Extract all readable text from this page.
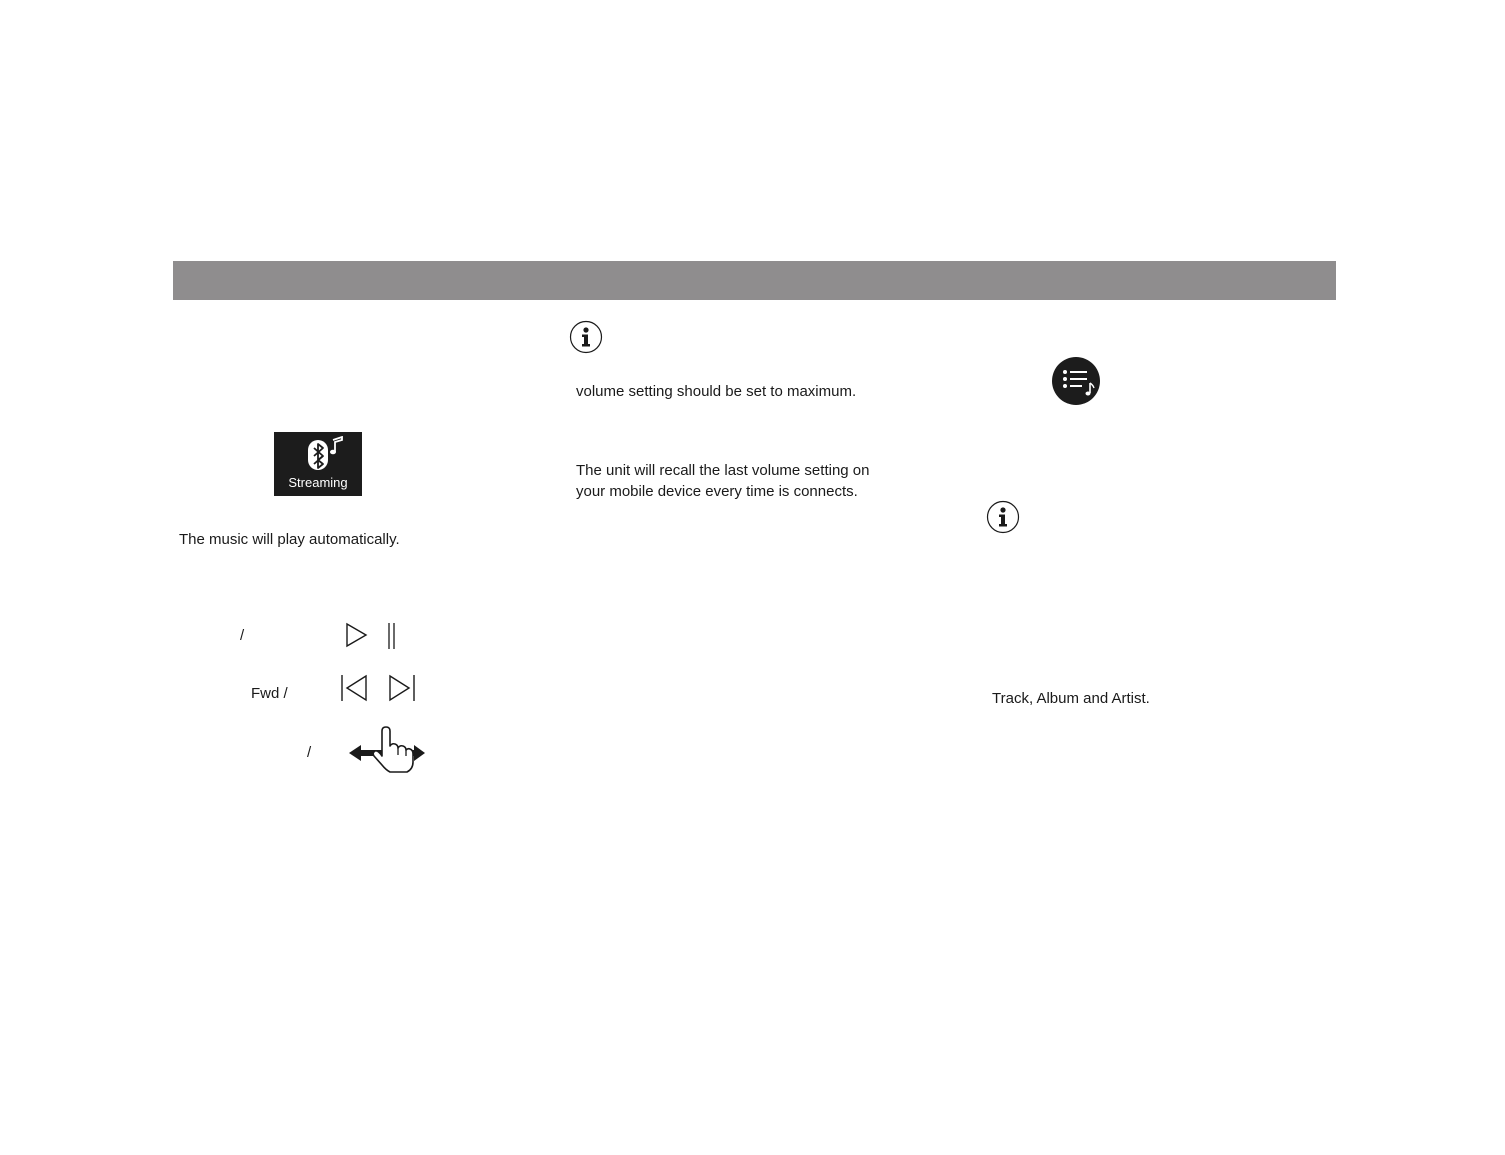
Streaming
The music will play automatically.
/
Fwd /
/
volume setting should be set to maximum.
The unit will recall the last volume setting on
your mobile device every time is connects.
Track, Album and Artist.
